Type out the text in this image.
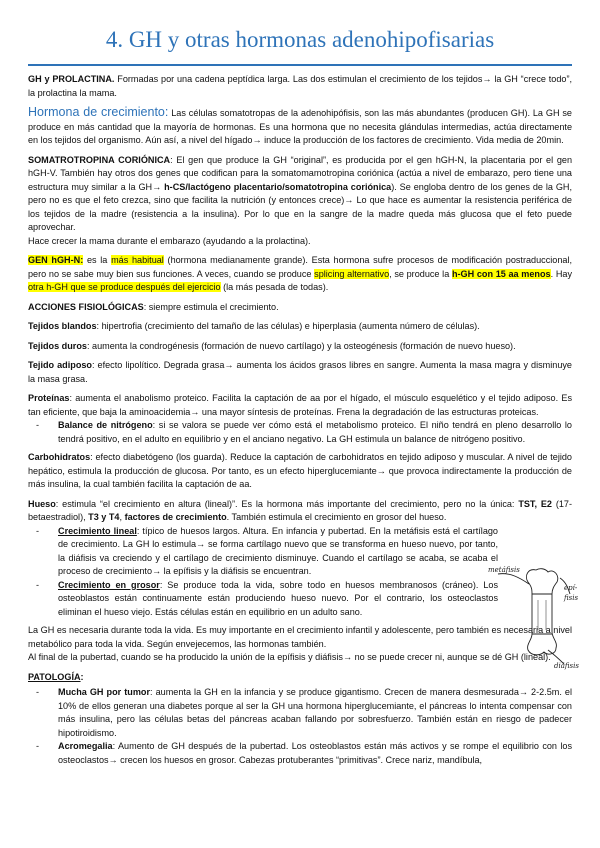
4. GH y otras hormonas adenohipofisarias

GH y PROLACTINA. Formadas por una cadena peptídica larga. Las dos estimulan el crecimiento de los tejidos→ la GH “crece todo”, la prolactina la mama.

Hormona de crecimiento: Las células somatotropas de la adenohipófisis, son las más abundantes (producen GH). La GH se produce en más cantidad que la mayoría de hormonas. Es una hormona que no necesita glándulas intermedias, actúa directamente en los tejidos del organismo. Aún así, a nivel del hígado→ induce la producción de los factores de crecimiento. Vida media de 20min.

SOMATROTROPINA CORIÓNICA: El gen que produce la GH “original”, es producida por el gen hGH-N, la placentaria por el gen hGH-V. También hay otros dos genes que codifican para la somatomamotropina coriónica (actúa a nivel de embarazo, pero tiene una estructura muy similar a la GH→ h-CS/lactógeno placentario/somatotropina coriónica). Se engloba dentro de los genes de la GH, pero no es que el feto crezca, sino que facilita la nutrición (y entonces crece)→ Lo que hace es aumentar la resistencia periférica de los tejidos de la madre (resistencia a la insulina). Por lo que en la sangre de la madre queda más glucosa que el feto puede aprovechar.

Hace crecer la mama durante el embarazo (ayudando a la prolactina).

GEN hGH-N: es la más habitual (hormona medianamente grande). Esta hormona sufre procesos de modificación postraduccional, pero no se sabe muy bien sus funciones. A veces, cuando se produce splicing alternativo, se produce la h-GH con 15 aa menos. Hay otra h-GH que se produce después del ejercicio (la más pesada de todas).

ACCIONES FISIOLÓGICAS: siempre estimula el crecimiento.

Tejidos blandos: hipertrofia (crecimiento del tamaño de las células) e hiperplasia (aumenta número de células).

Tejidos duros: aumenta la condrogénesis (formación de nuevo cartílago) y la osteogénesis (formación de nuevo hueso).

Tejido adiposo: efecto lipolítico. Degrada grasa→ aumenta los ácidos grasos libres en sangre. Aumenta la masa magra y disminuye la masa grasa.

Proteínas: aumenta el anabolismo proteico. Facilita la captación de aa por el hígado, el músculo esquelético y el tejido adiposo. Es tan eficiente, que baja la aminoacidemia→ una mayor síntesis de proteínas. Frena la degradación de las estructuras proteicas.

- Balance de nitrógeno: si se valora se puede ver cómo está el metabolismo proteico. El niño tendrá en pleno desarrollo lo tendrá positivo, en el adulto en equilibrio y en el anciano negativo. La GH estimula un balance de nitrógeno positivo.

Carbohidratos: efecto diabetógeno (los guarda). Reduce la captación de carbohidratos en tejido adiposo y muscular. A nivel de tejido hepático, estimula la producción de glucosa. Por tanto, es un efecto hiperglucemiante→ que provoca indirectamente la producción de más insulina, la cual también facilita la captación de aa.

Hueso: estimula “el crecimiento en altura (lineal)”. Es la hormona más importante del crecimiento, pero no la única: TST, E2 (17-betaestradiol), T3 y T4, factores de crecimiento. También estimula el crecimiento en grosor del hueso.

- Crecimiento lineal: típico de huesos largos. Altura. En infancia y pubertad. En la metáfisis está el cartílago de crecimiento. La GH lo estimula→ se forma cartílago nuevo que se transforma en hueso nuevo, por tanto, la diáfisis va creciendo y el cartílago de crecimiento disminuye. Cuando el cartílago se acaba, se acaba el proceso de crecimiento→ la epífisis y la diáfisis se encuentran.
- Crecimiento en grosor: Se produce toda la vida, sobre todo en huesos membranosos (cráneo). Los osteoblastos están continuamente están produciendo hueso nuevo. Por el contrario, los osteoclastos eliminan el hueso viejo. Estás células están en equilibrio en un adulto sano.

La GH es necesaria durante toda la vida. Es muy importante en el crecimiento infantil y adolescente, pero también es necesaria a nivel metabólico para toda la vida. Según envejecemos, las hormonas también.

Al final de la pubertad, cuando se ha producido la unión de la epífisis y diáfisis→ no se puede crecer ni, aunque se dé GH (lineal).

PATOLOGÍA:

- Mucha GH por tumor: aumenta la GH en la infancia y se produce gigantismo. Crecen de manera desmesurada→ 2-2.5m. el 10% de ellos generan una diabetes porque al ser la GH una hormona hiperglucemiante, el páncreas lo intenta compensar con más insulina, pero las células betas del páncreas acaban fallando por sobresfuerzo. También están en riesgo de padecer hipotiroidismo.
- Acromegalia: Aumento de GH después de la pubertad. Los osteoblastos están más activos y se rompe el equilibrio con los osteoclastos→ crecen los huesos en grosor. Cabezas protuberantes “primitivas”. Crece nariz, mandíbula,
metáfisis
epí-
fisis
diáfisis
